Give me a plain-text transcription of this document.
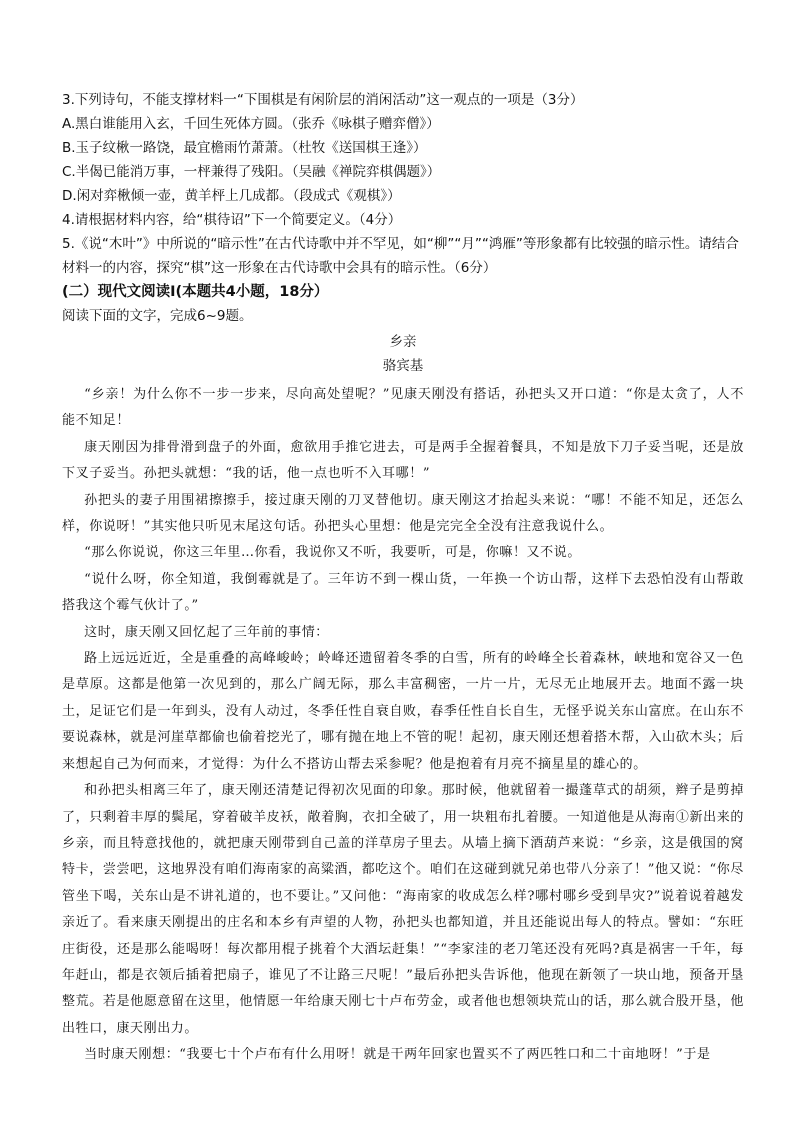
3.下列诗句，不能支撑材料一“下围棋是有闲阶层的消闲活动”这一观点的一项是（3分）

A.黑白谁能用入玄，千回生死体方圆。（张乔《咏棋子赠弈僧》）

B.玉子纹楸一路饶，最宜檐雨竹萧萧。（杜牧《送国棋王逢》）

C.半偈已能消万事，一枰兼得了残阳。（吴融《禅院弈棋偶题》）

D.闲对弈楸倾一壶，黄羊枰上几成都。（段成式《观棋》）

4.请根据材料内容，给“棋待诏”下一个简要定义。（4分）

5.《说“木叶”》中所说的“暗示性”在古代诗歌中并不罕见，如“柳”“月”“鸿雁”等形象都有比较强的暗示性。请结合材料一的内容，探究“棋”这一形象在古代诗歌中会具有的暗示性。（6分）

(二）现代文阅读Ⅰ(本题共4小题，18分）

阅读下面的文字，完成6~9题。

乡亲

骆宾基

“乡亲！为什么你不一步一步来，尽向高处望呢？”见康天刚没有搭话，孙把头又开口道：“你是太贪了，人不能不知足！

康天刚因为排骨滑到盘子的外面，愈欲用手推它进去，可是两手全握着餐具，不知是放下刀子妥当呢，还是放下叉子妥当。孙把头就想：“我的话，他一点也听不入耳哪！”

孙把头的妻子用围裙擦擦手，接过康天刚的刀叉替他切。康天刚这才抬起头来说：“哪！不能不知足，还怎么样，你说呀！”其实他只听见末尾这句话。孙把头心里想：他是完完全全没有注意我说什么。

“那么你说说，你这三年里…你看，我说你又不听，我要听，可是，你嘛！又不说。

“说什么呀，你全知道，我倒霉就是了。三年访不到一棵山货，一年换一个访山帮，这样下去恐怕没有山帮敢搭我这个霉气伙计了。”

这时，康天刚又回忆起了三年前的事情：

路上远远近近，全是重叠的高峰峻岭；岭峰还遗留着冬季的白雪，所有的岭峰全长着森林，峡地和宽谷又一色是草原。这都是他第一次见到的，那么广阔无际，那么丰富稠密，一片一片，无尽无止地展开去。地面不露一块土，足证它们是一年到头，没有人动过，冬季任性自衰自败，春季任性自长自生，无怪乎说关东山富庶。在山东不要说森林，就是河崖草都偷也偷着挖光了，哪有抛在地上不管的呢！起初，康天刚还想着搭木帮，入山砍木头；后来想起自己为何而来，才觉得：为什么不搭访山帮去采参呢？他是抱着有月亮不摘星星的雄心的。

和孙把头相离三年了，康天刚还清楚记得初次见面的印象。那时候，他就留着一撮蓬草式的胡须，辫子是剪掉了，只剩着丰厚的鬓尾，穿着破羊皮袄，敞着胸，衣扣全破了，用一块粗布扎着腰。一知道他是从海南①新出来的乡亲，而且特意找他的，就把康天刚带到自己盖的洋草房子里去。从墙上摘下酒葫芦来说：“乡亲，这是俄国的窝特卡，尝尝吧，这地界没有咱们海南家的高粱酒，都吃这个。咱们在这碰到就兄弟也带八分亲了！”他又说：“你尽管坐下喝，关东山是不讲礼道的，也不要让。”又问他：“海南家的收成怎么样?哪村哪乡受到旱灾?”说着说着越发亲近了。看来康天刚提出的庄名和本乡有声望的人物，孙把头也都知道，并且还能说出每人的特点。譬如：“东旺庄街役，还是那么能喝呀！每次都用棍子挑着个大酒坛赶集！”“李家洼的老刀笔还没有死吗?真是祸害一千年，每年赶山，都是衣领后插着把扇子，谁见了不让路三尺呢！”最后孙把头告诉他，他现在新领了一块山地，预备开垦整荒。若是他愿意留在这里，他情愿一年给康天刚七十卢布劳金，或者他也想领块荒山的话，那么就合股开垦，他出牲口，康天刚出力。

当时康天刚想：“我要七十个卢布有什么用呀！就是干两年回家也置买不了两匹牲口和二十亩地呀！”于是
